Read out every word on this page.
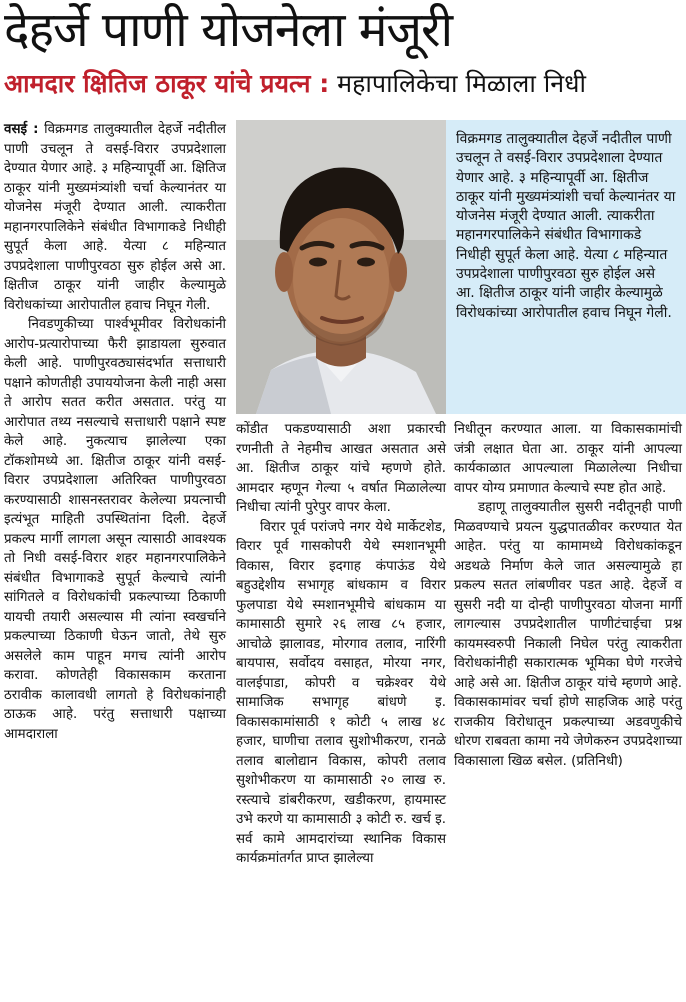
देहर्जे पाणी योजनेला मंजूरी
आमदार क्षितिज ठाकूर यांचे प्रयत्न : महापालिकेचा मिळाला निधी

वसई : विक्रमगड तालुक्यातील देहर्जे नदीतील पाणी उचलून ते वसई-विरार उपप्रदेशाला देण्यात येणार आहे. ३ महिन्यापूर्वी आ. क्षितिज ठाकूर यांनी मुख्यमंत्र्यांशी चर्चा केल्यानंतर या योजनेस मंजूरी देण्यात आली. त्याकरीता महानगरपालिकेने संबंधीत विभागाकडे निधीही सुपूर्त केला आहे. येत्या ८ महिन्यात उपप्रदेशाला पाणीपुरवठा सुरु होईल असे आ. क्षितीज ठाकूर यांनी जाहीर केल्यामुळे विरोधकांच्या आरोपातील हवाच निघून गेली.

निवडणुकीच्या पार्श्वभूमीवर विरोधकांनी आरोप-प्रत्यारोपाच्या फैरी झाडायला सुरुवात केली आहे. पाणीपुरवठ्यासंदर्भात सत्ताधारी पक्षाने कोणतीही उपाययोजना केली नाही असा ते आरोप सतत करीत असतात. परंतु या आरोपात तथ्य नसल्याचे सत्ताधारी पक्षाने स्पष्ट केले आहे. नुकत्याच झालेल्या एका टॉकशोमध्ये आ. क्षितीज ठाकूर यांनी वसई-विरार उपप्रदेशाला अतिरिक्त पाणीपुरवठा करण्यासाठी शासनस्तरावर केलेल्या प्रयत्नाची इत्यंभूत माहिती उपस्थितांना दिली. देहर्जे प्रकल्प मार्गी लागला असून त्यासाठी आवश्यक तो निधी वसई-विरार शहर महानगरपालिकेने संबंधीत विभागाकडे सुपूर्त केल्याचे त्यांनी सांगितले व विरोधकांची प्रकल्पाच्या ठिकाणी यायची तयारी असल्यास मी त्यांना स्वखर्चाने प्रकल्पाच्या ठिकाणी घेऊन जातो, तेथे सुरु असलेले काम पाहून मगच त्यांनी आरोप करावा. कोणतेही विकासकाम करताना ठरावीक कालावधी लागतो हे विरोधकांनाही ठाऊक आहे. परंतु सत्ताधारी पक्षाच्या आमदाराला

विक्रमगड तालुक्यातील देहर्जे नदीतील पाणी उचलून ते वसई-विरार उपप्रदेशाला देण्यात येणार आहे. ३ महिन्यापूर्वी आ. क्षितीज ठाकूर यांनी मुख्यमंत्र्यांशी चर्चा केल्यानंतर या योजनेस मंजूरी देण्यात आली. त्याकरीता महानगरपालिकेने संबंधीत विभागाकडे निधीही सुपूर्त केला आहे. येत्या ८ महिन्यात उपप्रदेशाला पाणीपुरवठा सुरु होईल असे आ. क्षितीज ठाकूर यांनी जाहीर केल्यामुळे विरोधकांच्या आरोपातील हवाच निघून गेली.

कोंडीत पकडण्यासाठी अशा प्रकारची रणनीती ते नेहमीच आखत असतात असे आ. क्षितीज ठाकूर यांचे म्हणणे होते. आमदार म्हणून गेल्या ५ वर्षात मिळालेल्या निधीचा त्यांनी पुरेपुर वापर केला.

विरार पूर्व परांजपे नगर येथे मार्केटशेड, विरार पूर्व गासकोपरी येथे स्मशानभूमी विकास, विरार इदगाह कंपाऊंड येथे बहुउद्देशीय सभागृह बांधकाम व विरार फुलपाडा येथे स्मशानभूमीचे बांधकाम या कामासाठी सुमारे २६ लाख ८५ हजार, आचोळे झालावड, मोरगाव तलाव, नारिंगी बायपास, सर्वोदय वसाहत, मोरया नगर, वालईपाडा, कोपरी व चक्रेश्वर येथे सामाजिक सभागृह बांधणे इ. विकासकामांसाठी १ कोटी ५ लाख ४८ हजार, घाणीचा तलाव सुशोभीकरण, रानळे तलाव बालोद्यान विकास, कोपरी तलाव सुशोभीकरण या कामासाठी २० लाख रु. रस्त्याचे डांबरीकरण, खडीकरण, हायमास्ट उभे करणे या कामासाठी ३ कोटी रु. खर्च इ. सर्व कामे आमदारांच्या स्थानिक विकास कार्यक्रमांतर्गत प्राप्त झालेल्या

निधीतून करण्यात आला. या विकासकामांची जंत्री लक्षात घेता आ. ठाकूर यांनी आपल्या कार्यकाळात आपल्याला मिळालेल्या निधीचा वापर योग्य प्रमाणात केल्याचे स्पष्ट होत आहे.

डहाणू तालुक्यातील सुसरी नदीतूनही पाणी मिळवण्याचे प्रयत्न युद्धपातळीवर करण्यात येत आहेत. परंतु या कामामध्ये विरोधकांकडून अडथळे निर्माण केले जात असल्यामुळे हा प्रकल्प सतत लांबणीवर पडत आहे. देहर्जे व सुसरी नदी या दोन्ही पाणीपुरवठा योजना मार्गी लागल्यास उपप्रदेशातील पाणीटंचाईचा प्रश्न कायमस्वरुपी निकाली निघेल परंतु त्याकरीता विरोधकांनीही सकारात्मक भूमिका घेणे गरजेचे आहे असे आ. क्षितीज ठाकूर यांचे म्हणणे आहे. विकासकामांवर चर्चा होणे साहजिक आहे परंतु राजकीय विरोधातून प्रकल्पाच्या अडवणुकीचे धोरण राबवता कामा नये जेणेकरुन उपप्रदेशाच्या विकासाला खिळ बसेल. (प्रतिनिधी)
